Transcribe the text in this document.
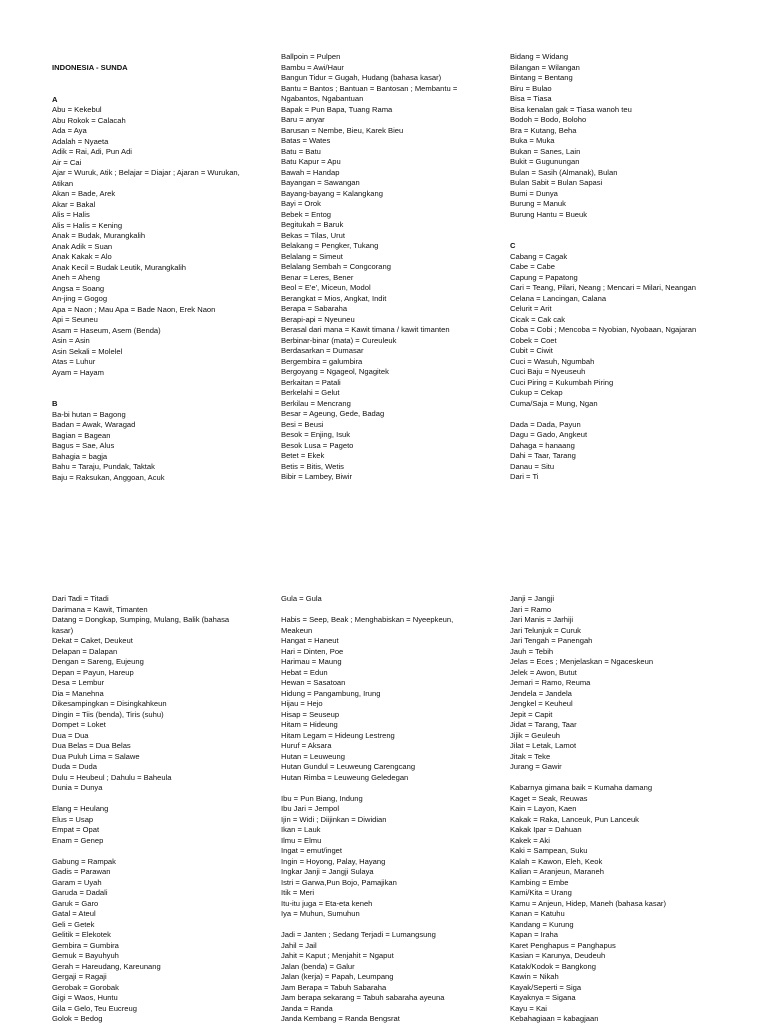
INDONESIA - SUNDA
A
Abu = Kekebul
Abu Rokok = Calacah
Ada = Aya
Adalah = Nyaeta
Adik = Rai, Adi, Pun Adi
Air = Cai
Ajar = Wuruk, Atik ; Belajar = Diajar ; Ajaran = Wurukan,
Atikan
Akan = Bade, Arek
Akar = Bakal
Alis = Halis
Alis = Halis = Kening
Anak = Budak, Murangkalih
Anak Adik = Suan
Anak Kakak = Alo
Anak Kecil = Budak Leutik, Murangkalih
Aneh = Aheng
Angsa = Soang
An-jing = Gogog
Apa = Naon ; Mau Apa = Bade Naon, Erek Naon
Api = Seuneu
Asam = Haseum, Asem (Benda)
Asin = Asin
Asin Sekali = Molelel
Atas = Luhur
Ayam = Hayam
B
Ba-bi hutan = Bagong
Badan = Awak, Waragad
Bagian = Bagean
Bagus = Sae, Alus
Bahagia = bagja
Bahu = Taraju, Pundak, Taktak
Baju = Raksukan, Anggoan, Acuk
Ballpoin = Pulpen
Bambu = Awi/Haur
Bangun Tidur = Gugah, Hudang (bahasa kasar)
Bantu = Bantos ; Bantuan = Bantosan ; Membantu =
Ngabantos, Ngabantuan
Bapak = Pun Bapa, Tuang Rama
Baru = anyar
Barusan = Nembe, Bieu, Karek Bieu
Batas = Wates
Batu = Batu
Batu Kapur = Apu
Bawah = Handap
Bayangan = Sawangan
Bayang-bayang = Kalangkang
Bayi = Orok
Bebek = Entog
Begitukah = Baruk
Bekas = Tilas, Urut
Belakang = Pengker, Tukang
Belalang = Simeut
Belalang Sembah = Congcorang
Benar = Leres, Bener
Beol = E'e', Miceun, Modol
Berangkat = Mios, Angkat, Indit
Berapa = Sabaraha
Berapi-api = Nyeuneu
Berasal dari mana = Kawit timana / kawit timanten
Berbinar-binar (mata) = Cureuleuk
Berdasarkan = Dumasar
Bergembira = galumbira
Bergoyang = Ngageol, Ngagitek
Berkaitan = Patali
Berkelahi = Gelut
Berkilau = Mencrang
Besar = Ageung, Gede, Badag
Besi = Beusi
Besok = Enjing, Isuk
Besok Lusa = Pageto
Betet = Ekek
Betis = Bitis, Wetis
Bibir = Lambey, Biwir
Bidang = Widang
Bilangan = Wilangan
Bintang = Bentang
Biru = Bulao
Bisa = Tiasa
Bisa kenalan gak = Tiasa wanoh teu
Bodoh = Bodo, Bolohо
Bra = Kutang, Beha
Buka = Muka
Bukan = Sanes, Lain
Bukit = Gugunungan
Bulan = Sasih (Almanak), Bulan
Bulan Sabit = Bulan Sapasi
Bumi = Dunya
Burung = Manuk
Burung Hantu = Bueuk
C
Cabang = Cagak
Cabe = Cabe
Capung = Papatong
Cari = Teang, Pilari, Neang ; Mencari = Milari, Neangan
Celana = Lancingan, Calana
Celurit = Arit
Cicak = Cak cak
Coba = Cobi ; Mencoba = Nyobian, Nyobaan, Ngajaran
Cobek = Coet
Cubit = Ciwit
Cuci = Wasuh, Ngumbah
Cuci Baju = Nyeuseuh
Cuci Piring = Kukumbah Piring
Cukup = Cekap
Cuma/Saja = Mung, Ngan
Dada = Dada, Payun
Dagu = Gado, Angkeut
Dahaga = hanaang
Dahi = Taar, Tarang
Danau = Situ
Dari = Ti
Dari Tadi = Titadi
Darimana = Kawit, Timanten
Datang = Dongkap, Sumping, Mulang, Balik (bahasa
kasar)
Dekat = Caket, Deukeut
Delapan = Dalapan
Dengan = Sareng, Eujeung
Depan = Payun, Hareup
Desa = Lembur
Dia = Manehna
Dikesampingkan = Disingkahkeun
Dingin = Tiis (benda), Tiris (suhu)
Dompet = Loket
Dua = Dua
Dua Belas = Dua Belas
Dua Puluh Lima = Salawe
Duda = Duda
Dulu = Heubeul ; Dahulu = Baheula
Dunia = Dunya
Elang = Heulang
Elus = Usap
Empat = Opat
Enam = Genep
Gabung = Rampak
Gadis = Parawan
Garam = Uyah
Garuda = Dadali
Garuk = Garo
Gatal = Ateul
Geli = Getek
Gelitik = Elekotek
Gembira = Gumbira
Gemuk = Bayuhyuh
Gerah = Hareudang, Kareunang
Gergaji = Ragaji
Gerobak = Gorobak
Gigi = Waos, Huntu
Gila = Gelo, Teu Eucreug
Golok = Bedog
Gula = Gula
Habis = Seep, Beak ; Menghabiskan = Nyeepkeun,
Meakeun
Hangat = Haneut
Hari = Dinten, Poe
Harimau = Maung
Hebat = Edun
Hewan = Sasatoan
Hidung = Pangambung, Irung
Hijau = Hejo
Hisap = Seuseup
Hitam = Hideung
Hitam Legam = Hideung Lestreng
Huruf = Aksara
Hutan = Leuweung
Hutan Gundul = Leuweung Carengcang
Hutan Rimba = Leuweung Geledegan
Ibu = Pun Biang, Indung
Ibu Jari = Jempol
Ijin = Widi ; Diijinkan = Diwidian
Ikan = Lauk
Ilmu = Elmu
Ingat = emut/inget
Ingin = Hoyong, Palay, Hayang
Ingkar Janji = Jangji Sulaya
Istri = Garwa,Pun Bojo, Pamajikan
Itik = Meri
Itu-itu juga = Eta-eta keneh
Iya = Muhun, Sumuhun
Jadi = Janten ; Sedang Terjadi = Lumangsung
Jahil = Jail
Jahit = Kaput ; Menjahit = Ngaput
Jalan (benda) = Galur
Jalan (kerja) = Papah, Leumpang
Jam Berapa = Tabuh Sabaraha
Jam berapa sekarang = Tabuh sabaraha ayeuna
Janda = Randa
Janda Kembang = Randa Bengsrat
Janji = Jangji
Jari = Ramo
Jari Manis = Jarhiji
Jari Telunjuk = Curuk
Jari Tengah = Panengah
Jauh = Tebih
Jelas = Eces ; Menjelaskan = Ngaceskeun
Jelek = Awon, Butut
Jemari = Ramo, Reuma
Jendela = Jandela
Jengkel = Keuheul
Jepit = Capit
Jidat = Tarang, Taar
Jijik = Geuleuh
Jilat = Letak, Lamot
Jitak = Teke
Jurang = Gawir
Kabarnya gimana baik = Kumaha damang
Kaget = Seak, Reuwas
Kain = Layon, Kaen
Kakak = Raka, Lanceuk, Pun Lanceuk
Kakak Ipar = Dahuan
Kakek = Aki
Kaki = Sampean, Suku
Kalah = Kawon, Eleh, Keok
Kalian = Aranjeun, Maraneh
Kambing = Embe
Kami/Kita = Urang
Kamu = Anjeun, Hidep, Maneh (bahasa kasar)
Kanan = Katuhu
Kandang = Kurung
Kapan = Iraha
Karet Penghapus = Panghapus
Kasian = Karunya, Deudeuh
Katak/Kodok = Bangkong
Kawin = Nikah
Kayak/Seperti = Siga
Kayaknya = Sigana
Kayu = Kai
Kebahagiaan = kabagjaan
